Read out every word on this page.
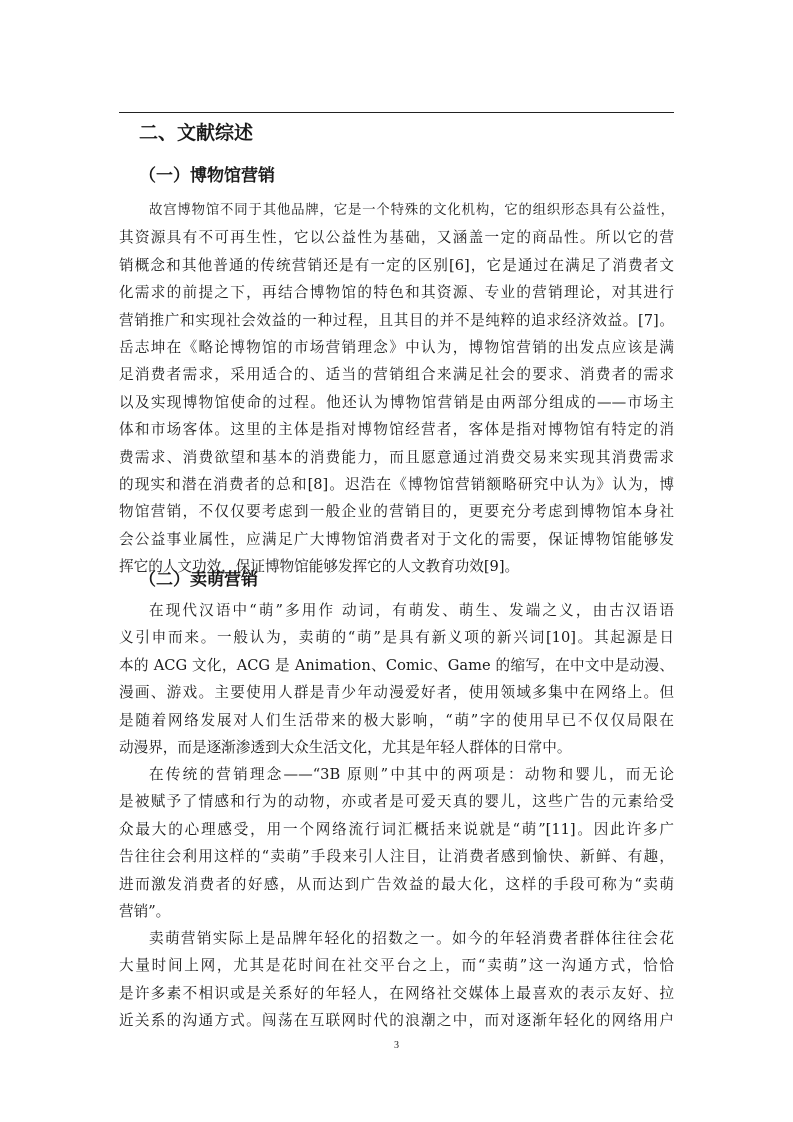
二、文献综述
（一）博物馆营销
故宫博物馆不同于其他品牌，它是一个特殊的文化机构，它的组织形态具有公益性，
其资源具有不可再生性，它以公益性为基础，又涵盖一定的商品性。所以它的营
销概念和其他普通的传统营销还是有一定的区别[6]，它是通过在满足了消费者文
化需求的前提之下，再结合博物馆的特色和其资源、专业的营销理论，对其进行
营销推广和实现社会效益的一种过程，且其目的并不是纯粹的追求经济效益。[7]。
岳志坤在《略论博物馆的市场营销理念》中认为，博物馆营销的出发点应该是满
足消费者需求，采用适合的、适当的营销组合来满足社会的要求、消费者的需求
以及实现博物馆使命的过程。他还认为博物馆营销是由两部分组成的——市场主
体和市场客体。这里的主体是指对博物馆经营者，客体是指对博物馆有特定的消
费需求、消费欲望和基本的消费能力，而且愿意通过消费交易来实现其消费需求
的现实和潜在消费者的总和[8]。迟浩在《博物馆营销额略研究中认为》认为，博
物馆营销，不仅仅要考虑到一般企业的营销目的，更要充分考虑到博物馆本身社
会公益事业属性，应满足广大博物馆消费者对于文化的需要，保证博物馆能够发
挥它的人文功效，保证博物馆能够发挥它的人文教育功效[9]。
（二）卖萌营销
在现代汉语中“萌”多用作 动词，有萌发、萌生、发端之义，由古汉语语
义引申而来。一般认为，卖萌的“萌”是具有新义项的新兴词[10]。其起源是日
本的 ACG 文化，ACG 是 Animation、Comic、Game 的缩写，在中文中是动漫、
漫画、游戏。主要使用人群是青少年动漫爱好者，使用领域多集中在网络上。但
是随着网络发展对人们生活带来的极大影响，“萌”字的使用早已不仅仅局限在
动漫界，而是逐渐渗透到大众生活文化，尤其是年轻人群体的日常中。
在传统的营销理念——“3B 原则”中其中的两项是：动物和婴儿，而无论
是被赋予了情感和行为的动物，亦或者是可爱天真的婴儿，这些广告的元素给受
众最大的心理感受，用一个网络流行词汇概括来说就是“萌”[11]。因此许多广
告往往会利用这样的“卖萌”手段来引人注目，让消费者感到愉快、新鲜、有趣，
进而激发消费者的好感，从而达到广告效益的最大化，这样的手段可称为“卖萌
营销”。
卖萌营销实际上是品牌年轻化的招数之一。如今的年轻消费者群体往往会花
大量时间上网，尤其是花时间在社交平台之上，而“卖萌”这一沟通方式，恰恰
是许多素不相识或是关系好的年轻人，在网络社交媒体上最喜欢的表示友好、拉
近关系的沟通方式。闯荡在互联网时代的浪潮之中，而对逐渐年轻化的网络用户
3
